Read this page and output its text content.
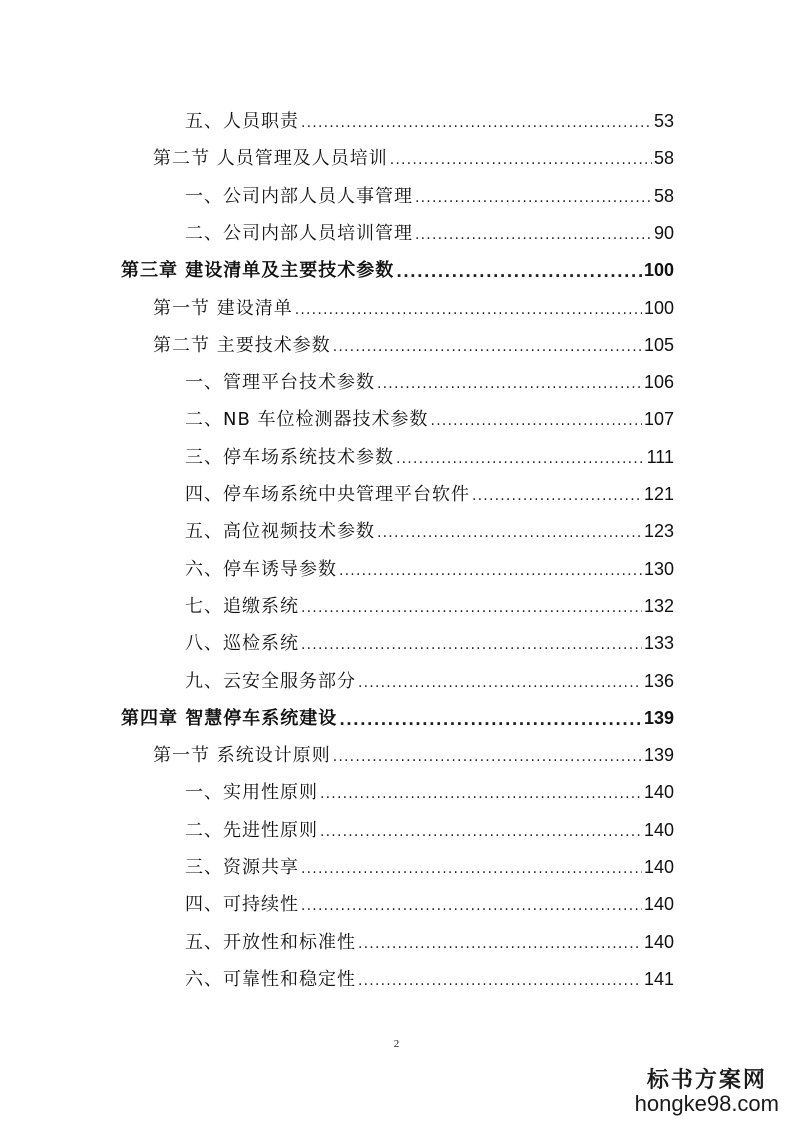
五、人员职责 .....	53
第二节 人员管理及人员培训 .....	58
一、公司内部人员人事管理 .....	58
二、公司内部人员培训管理 .....	90
第三章 建设清单及主要技术参数 .....	100
第一节 建设清单 .....	100
第二节 主要技术参数 .....	105
一、管理平台技术参数 .....	106
二、NB 车位检测器技术参数 .....	107
三、停车场系统技术参数 .....	111
四、停车场系统中央管理平台软件 .....	121
五、高位视频技术参数 .....	123
六、停车诱导参数 .....	130
七、追缴系统 .....	132
八、巡检系统 .....	133
九、云安全服务部分 .....	136
第四章 智慧停车系统建设 .....	139
第一节 系统设计原则 .....	139
一、实用性原则 .....	140
二、先进性原则 .....	140
三、资源共享 .....	140
四、可持续性 .....	140
五、开放性和标准性 .....	140
六、可靠性和稳定性 .....	141
2
标书方案网
hongke98.com
